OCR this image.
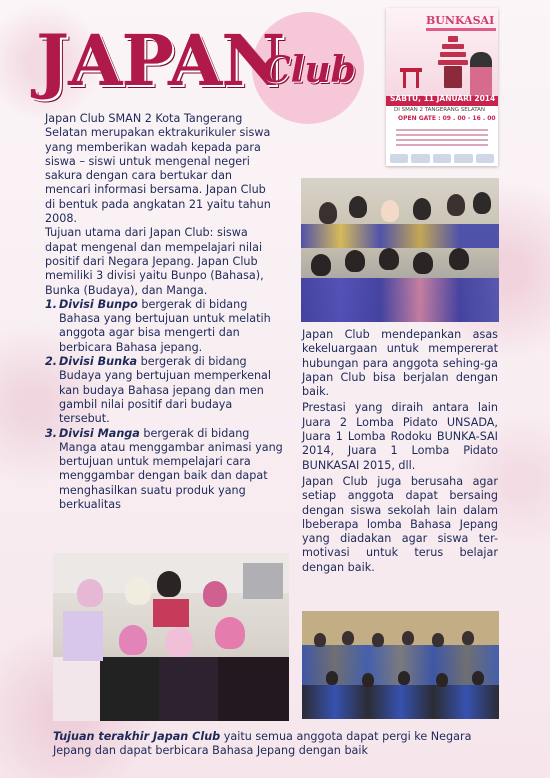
JAPAN
Club
BUNKASAI
SABTU, 11 JANUARI 2014
DI SMAN 2 TANGERANG SELATAN
OPEN GATE : 09 . 00 - 16 . 00

Japan Club SMAN 2 Kota Tangerang Selatan merupakan ektrakurikuler siswa yang memberikan wadah kepada para siswa – siswi untuk mengenal negeri sakura dengan cara bertukar dan mencari informasi bersama. Japan Club di bentuk pada angkatan 21 yaitu tahun 2008.

Tujuan utama dari Japan Club: siswa dapat mengenal dan mempelajari nilai positif dari Negara Jepang. Japan Club memiliki 3 divisi yaitu Bunpo (Bahasa), Bunka (Budaya), dan Manga.

1. Divisi Bunpo bergerak di bidang Bahasa yang bertujuan untuk melatih anggota agar bisa mengerti dan berbicara Bahasa jepang.
2. Divisi Bunka bergerak di bidang Budaya yang bertujuan memperkenal kan budaya Bahasa jepang dan men gambil nilai positif dari budaya tersebut.
3. Divisi Manga bergerak di bidang Manga atau menggambar animasi yang bertujuan untuk mempelajari cara menggambar dengan baik dan dapat menghasilkan suatu produk yang berkualitas

Japan Club mendepankan asas kekeluargaan untuk mempererat hubungan para anggota sehing-ga Japan Club bisa berjalan dengan baik.

Prestasi yang diraih antara lain Juara 2 Lomba Pidato UNSADA, Juara 1 Lomba Rodoku BUNKA-SAI 2014, Juara 1 Lomba Pidato BUNKASAI 2015, dll.

Japan Club juga berusaha agar setiap anggota dapat bersaing dengan siswa sekolah lain dalam lbeberapa lomba Bahasa Jepang yang diadakan agar siswa ter-motivasi untuk terus belajar dengan baik.

Tujuan terakhir Japan Club yaitu semua anggota dapat pergi ke Negara Jepang dan dapat berbicara Bahasa Jepang dengan baik
